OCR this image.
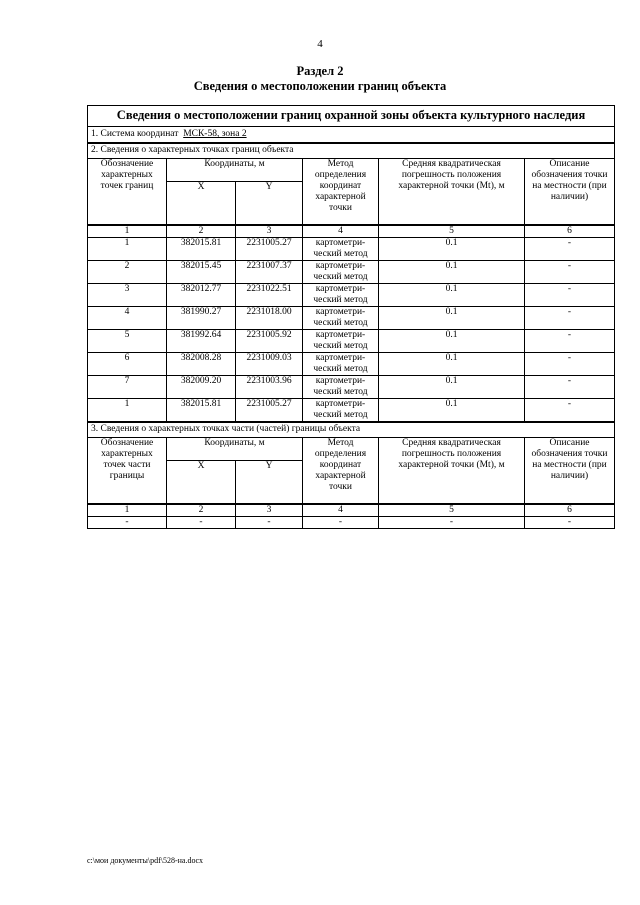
4
Раздел 2
Сведения о местоположении границ объекта
Сведения о местоположении границ охранной зоны объекта культурного наследия					
1. Система координат МСК-58, зона 2					
2. Сведения о характерных точках границ объекта					
Обозначение характерных точек границ	Координаты, м		Метод определения координат характерной точки	Средняя квадратическая погрешность положения характерной точки (Мt), м	Описание обозначения точки на местности (при наличии)
	X	Y			
1	2	3	4	5	6
1	382015.81	2231005.27	картометри-ческий метод	0.1	-
2	382015.45	2231007.37	картометри-ческий метод	0.1	-
3	382012.77	2231022.51	картометри-ческий метод	0.1	-
4	381990.27	2231018.00	картометри-ческий метод	0.1	-
5	381992.64	2231005.92	картометри-ческий метод	0.1	-
6	382008.28	2231009.03	картометри-ческий метод	0.1	-
7	382009.20	2231003.96	картометри-ческий метод	0.1	-
1	382015.81	2231005.27	картометри-ческий метод	0.1	-
3. Сведения о характерных точках части (частей) границы объекта					
Обозначение характерных точек части границы	Координаты, м		Метод определения координат характерной точки	Средняя квадратическая погрешность положения характерной точки (Мt), м	Описание обозначения точки на местности (при наличии)
	X	Y			
1	2	3	4	5	6
-	-	-	-	-	-
c:\мои документы\pdf\528-на.docx
